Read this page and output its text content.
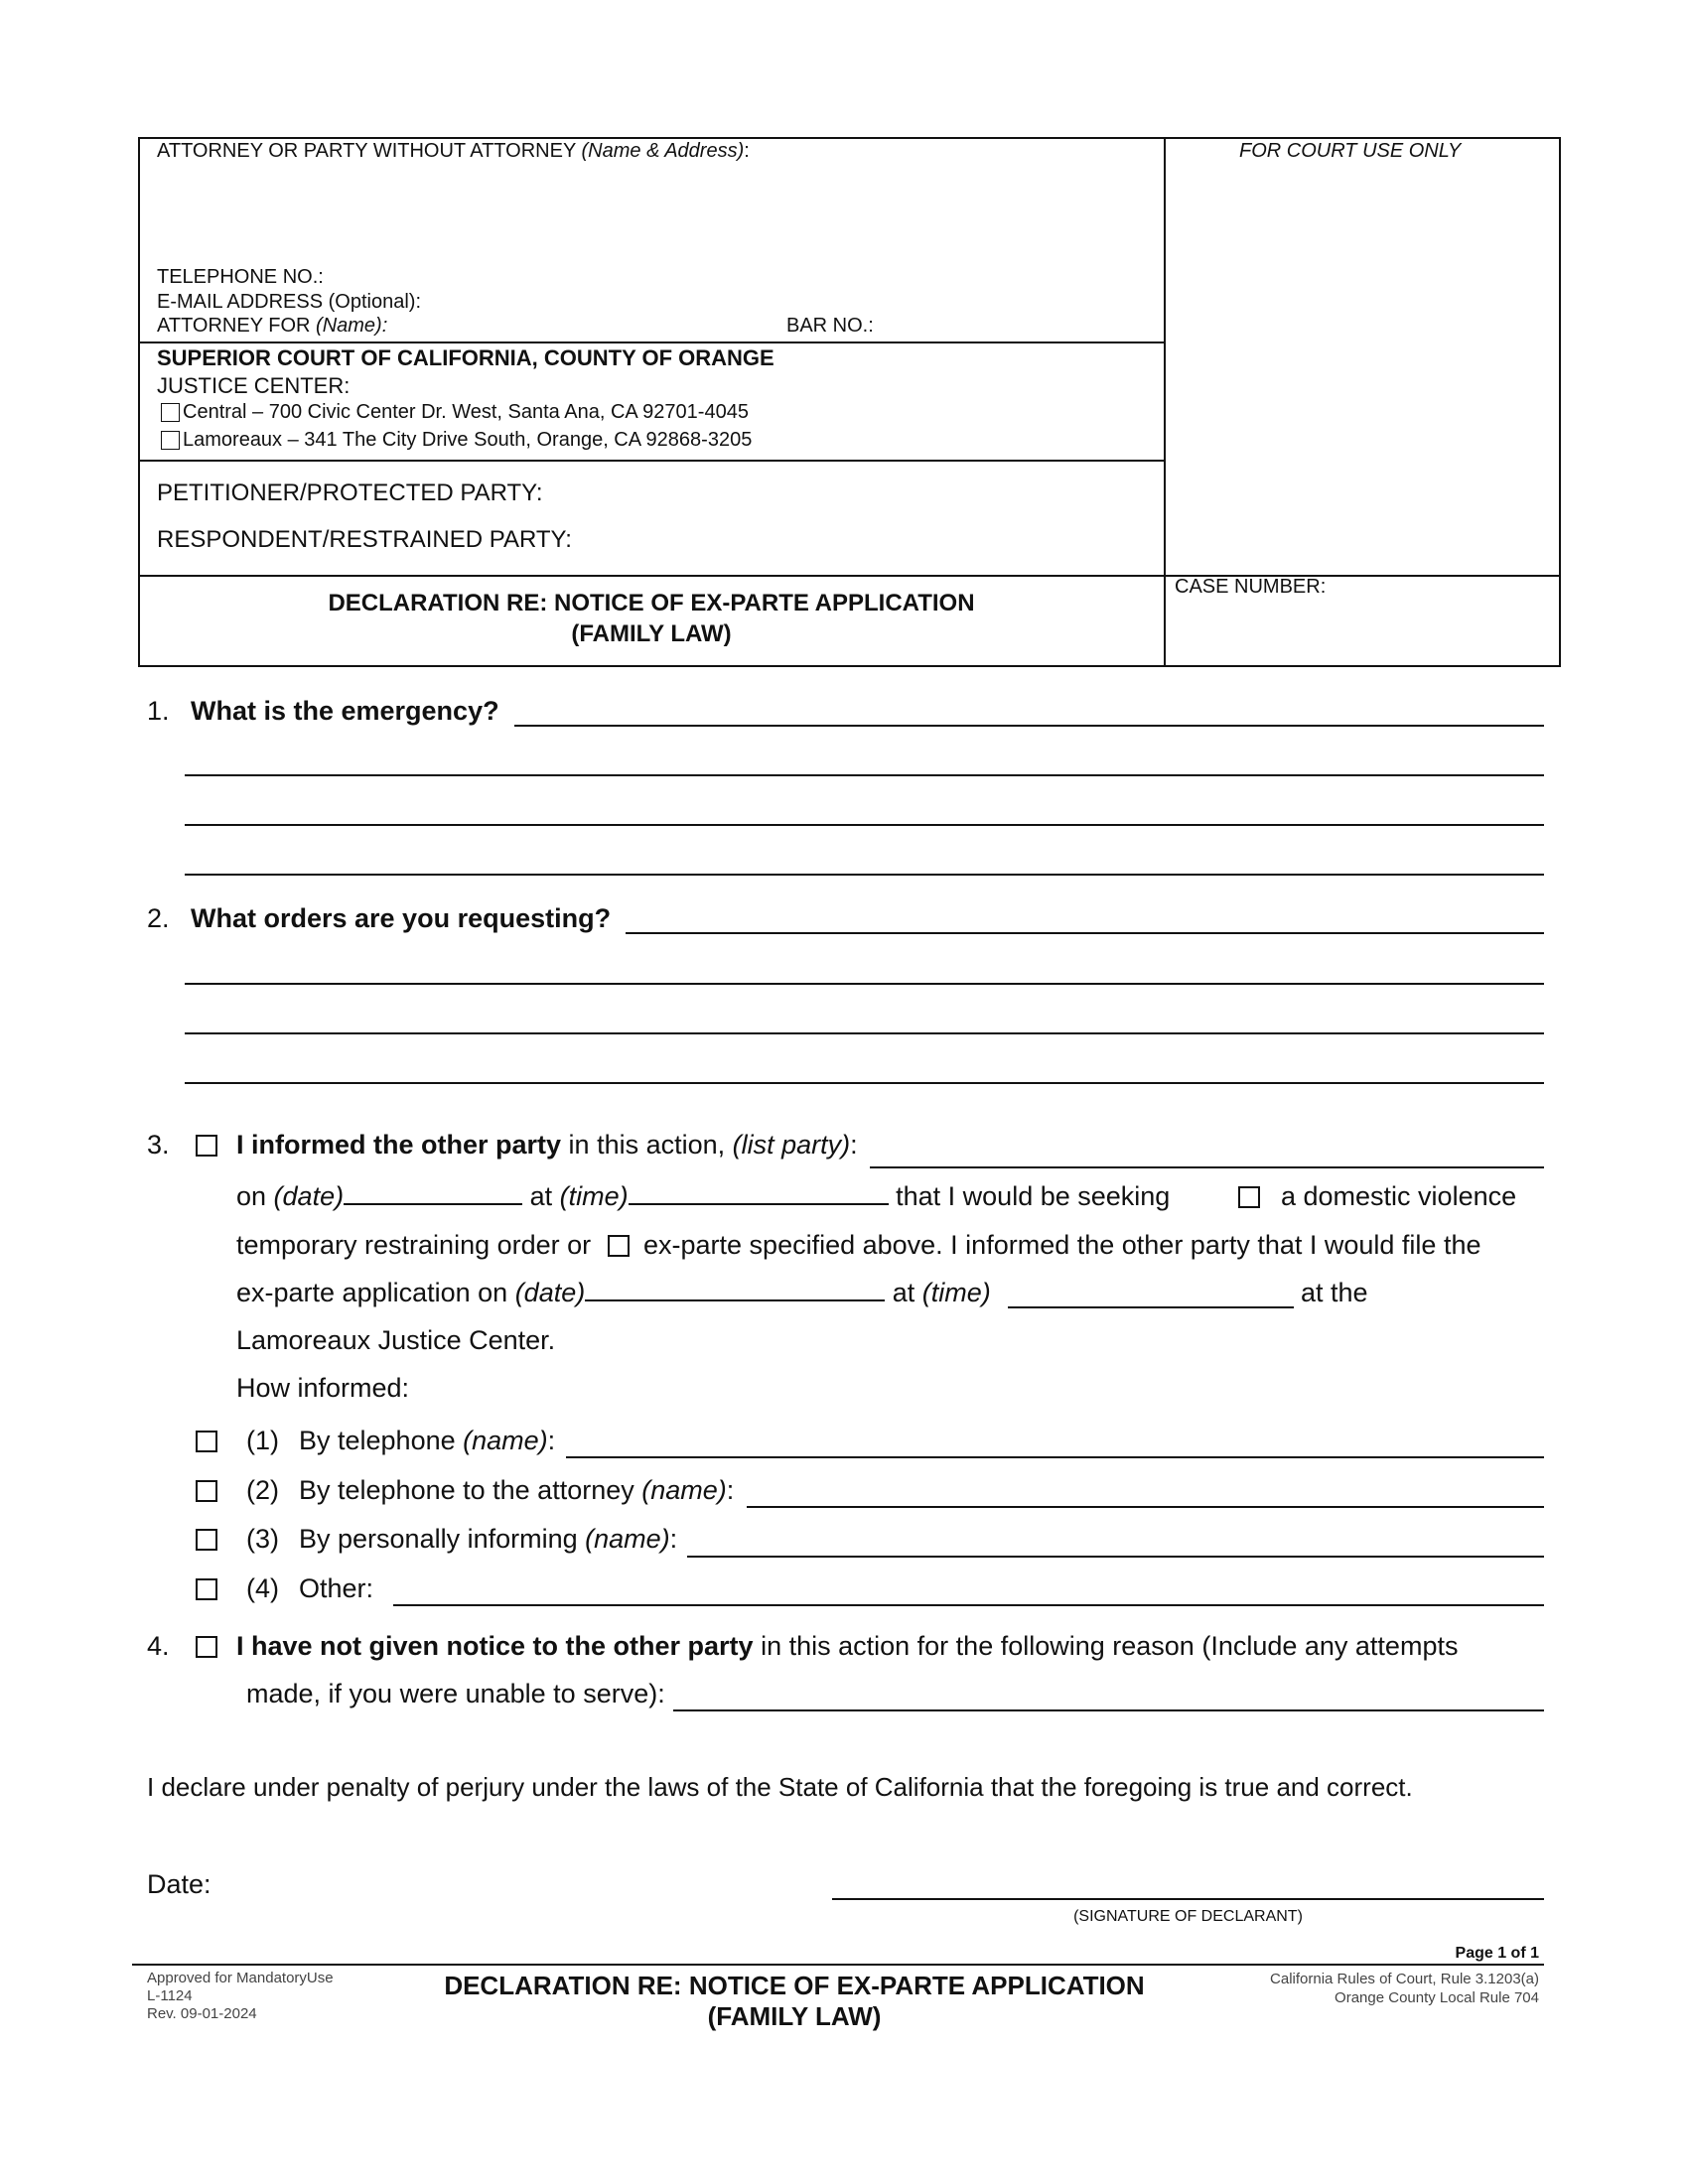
ATTORNEY OR PARTY WITHOUT ATTORNEY (Name & Address):	FOR COURT USE ONLY
TELEPHONE NO.:
E-MAIL ADDRESS (Optional):
ATTORNEY FOR (Name):	BAR NO.:
SUPERIOR COURT OF CALIFORNIA, COUNTY OF ORANGE
JUSTICE CENTER:
Central – 700 Civic Center Dr. West, Santa Ana, CA 92701-4045
Lamoreaux – 341 The City Drive South, Orange, CA 92868-3205
PETITIONER/PROTECTED PARTY:
RESPONDENT/RESTRAINED PARTY:
DECLARATION RE: NOTICE OF EX-PARTE APPLICATION
(FAMILY LAW)
CASE NUMBER:
1. What is the emergency?
2. What orders are you requesting?
3. I informed the other party in this action, (list party):
on (date)	at (time)	that I would be seeking	a domestic violence
temporary restraining order or ex-parte specified above. I informed the other party that I would file the
ex-parte application on (date)	at (time)	at the
Lamoreaux Justice Center.
How informed:
(1) By telephone (name):
(2) By telephone to the attorney (name):
(3) By personally informing (name):
(4) Other:
4. I have not given notice to the other party in this action for the following reason (Include any attempts
made, if you were unable to serve):
I declare under penalty of perjury under the laws of the State of California that the foregoing is true and correct.
Date:
(SIGNATURE OF DECLARANT)
Page 1 of 1
Approved for MandatoryUse
L-1124
Rev. 09-01-2024
DECLARATION RE: NOTICE OF EX-PARTE APPLICATION
(FAMILY LAW)
California Rules of Court, Rule 3.1203(a)
Orange County Local Rule 704
